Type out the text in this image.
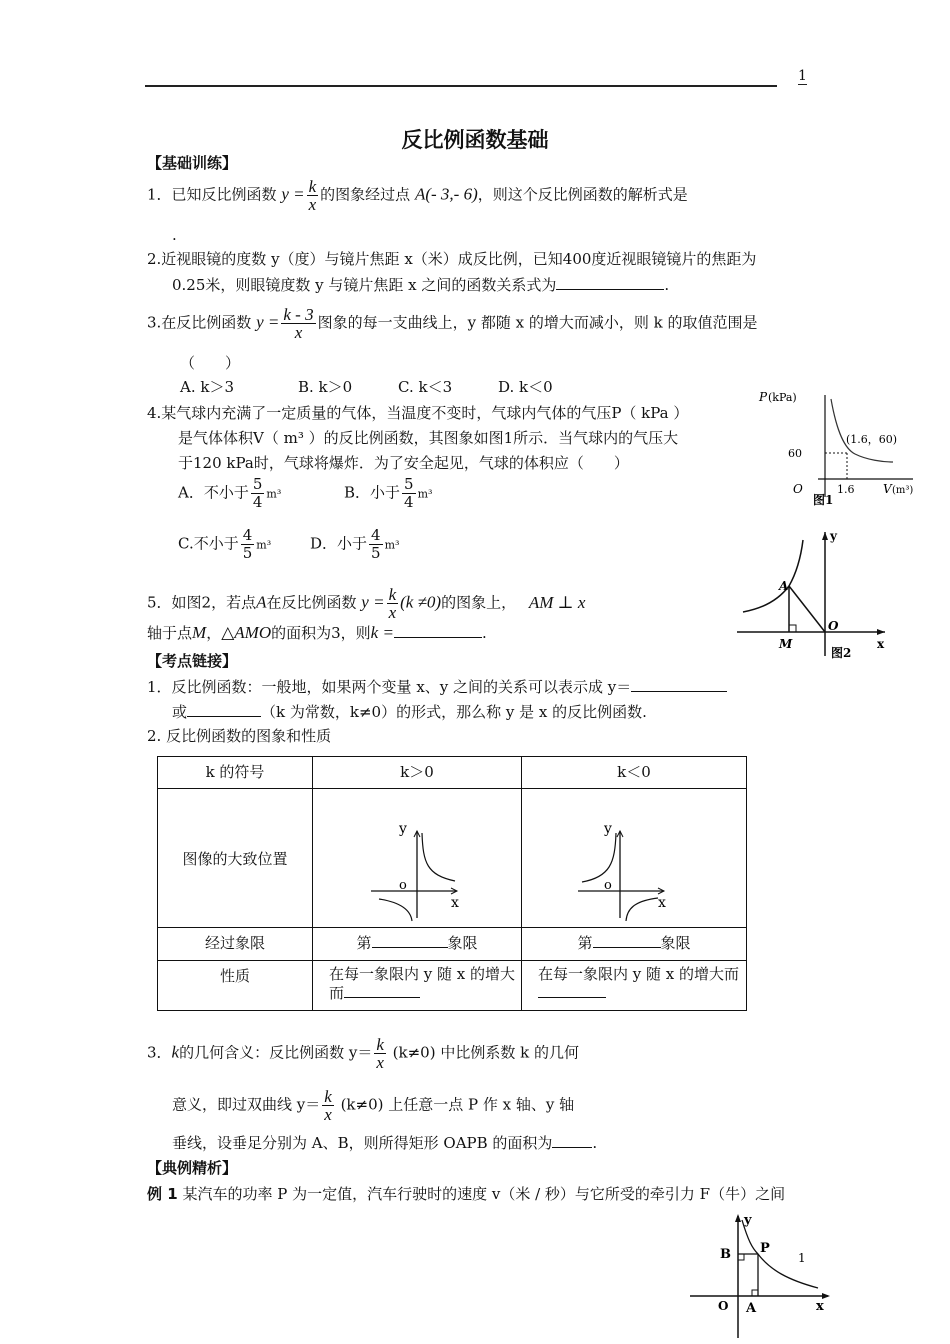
1
反比例函数基础
【基础训练】
1．已知反比例函数 $y = \frac{k}{x}$ 的图象经过点 A(- 3,- 6)，则这个反比例函数的解析式是
.
2.近视眼镜的度数 y（度）与镜片焦距 x（米）成反比例，已知400度近视眼镜镜片的焦距为
0.25米，则眼镜度数 y 与镜片焦距 x 之间的函数关系式为	.
3.在反比例函数 $y = \frac{k - 3}{x}$ 图象的每一支曲线上，y 都随 x 的增大而减小，则 k 的取值范围是
（　　）
A. k＞3	B. k＞0	C. k＜3	D. k＜0
4.某气球内充满了一定质量的气体，当温度不变时，气球内气体的气压P（ kPa ）
是气体体积V（ m³ ）的反比例函数，其图象如图1所示．当气球内的气压大
于120 kPa时，气球将爆炸．为了安全起见，气球的体积应（　　）
A．不小于 $\frac{5}{4} m^3$	B．小于 $\frac{5}{4} m^3$
C.不小于 $\frac{4}{5} m^3$	D．小于 $\frac{4}{5} m^3$
P (kPa)
60
(1.6，60)
O	1.6 V (m³)
图1
5．如图2，若点A在反比例函数 $y = \frac{k}{x} (k \ne 0)$的图象上， AM ⊥ x
轴于点M，△AMO的面积为3，则k =	.
y
x
O
A
M
图2
【考点链接】
1．反比例函数：一般地，如果两个变量 x、y 之间的关系可以表示成 y＝
或	（k 为常数，k≠0）的形式，那么称 y 是 x 的反比例函数.
2. 反比例函数的图象和性质
k 的符号	k＞0	k＜0
图像的大致位置	y
x
o	y
x
o

经过象限	第 象限	第 象限
性质	在每一象限内 y 随 x 的增大而	在每一象限内 y 随 x 的增大而
3．k的几何含义：反比例函数 $y= \frac{k}{x} (k\ne 0)$ 中比例系数 k 的几何
意义，即过双曲线 $y= \frac{k}{x} (k\ne 0)$ 上任意一点 P 作 x 轴、y 轴
垂线，设垂足分别为 A、B，则所得矩形 OAPB 的面积为	.
【典例精析】
例 1 某汽车的功率 P 为一定值，汽车行驶时的速度 v（米 / 秒）与它所受的牵引力 F（牛）之间
y
x
O
B P
A
1
